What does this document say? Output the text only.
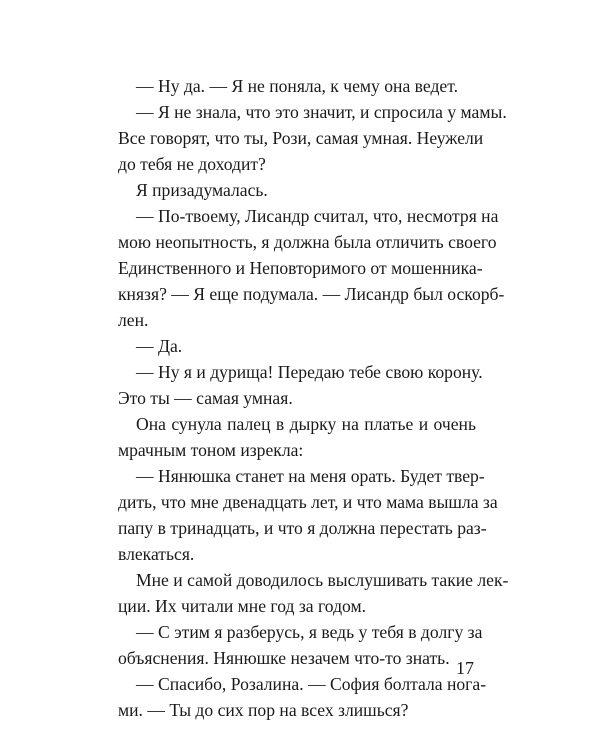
— Ну да. — Я не поняла, к чему она ведет.
— Я не знала, что это значит, и спросила у мамы.
Все говорят, что ты, Рози, самая умная. Неужели
до тебя не доходит?
Я призадумалась.
— По-твоему, Лисандр считал, что, несмотря на
мою неопытность, я должна была отличить своего
Единственного и Неповторимого от мошенника-
князя? — Я еще подумала. — Лисандр был оскорб-
лен.
— Да.
— Ну я и дурища! Передаю тебе свою корону.
Это ты — самая умная.
Она сунула палец в дырку на платье и очень
мрачным тоном изрекла:
— Нянюшка станет на меня орать. Будет твер-
дить, что мне двенадцать лет, и что мама вышла за
папу в тринадцать, и что я должна перестать раз-
влекаться.
Мне и самой доводилось выслушивать такие лек-
ции. Их читали мне год за годом.
— С этим я разберусь, я ведь у тебя в долгу за
объяснения. Нянюшке незачем что-то знать.
— Спасибо, Розалина. — София болтала нога-
ми. — Ты до сих пор на всех злишься?
17
